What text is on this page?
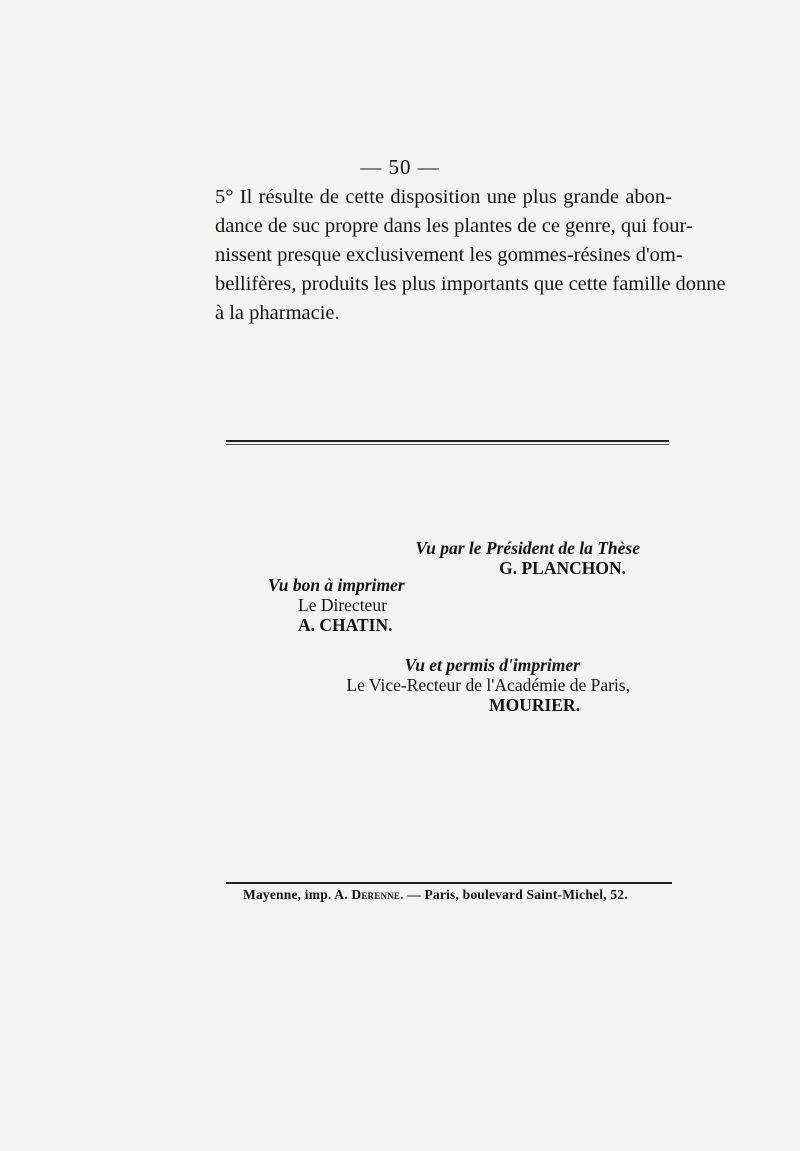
— 50 —
5° Il résulte de cette disposition une plus grande abon-
dance de suc propre dans les plantes de ce genre, qui four-
nissent presque exclusivement les gommes-résines d'om-
bellifères, produits les plus importants que cette famille donne
à la pharmacie.
Vu par le Président de la Thèse
G. PLANCHON.
Vu bon à imprimer
Le Directeur
A. CHATIN.
Vu et permis d'imprimer
Le Vice-Recteur de l'Académie de Paris,
MOURIER.
Mayenne, imp. A. Derenne. — Paris, boulevard Saint-Michel, 52.
